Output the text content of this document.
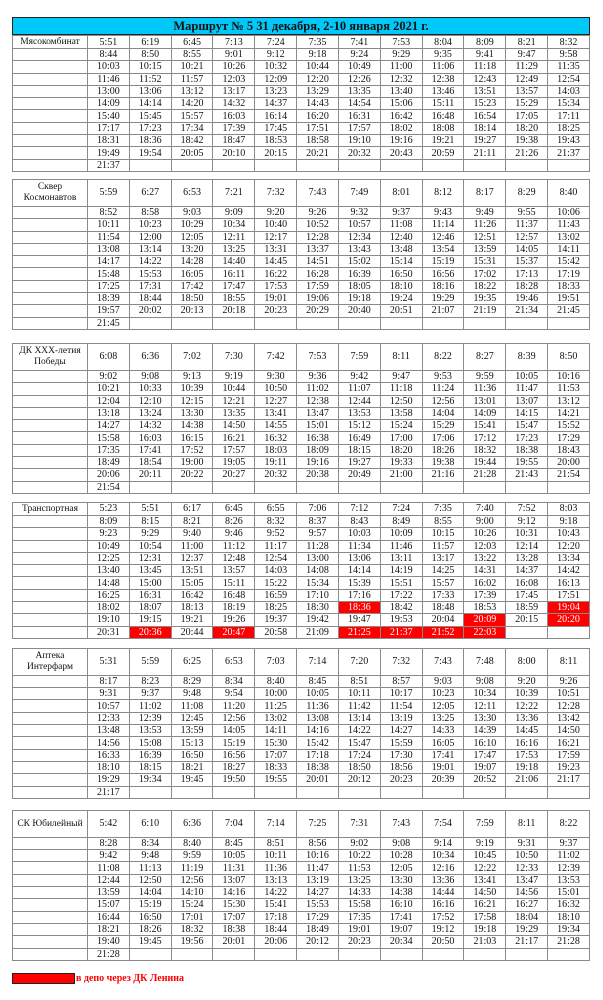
Маршрут № 5 31 декабря, 2-10 января 2021 г.
Мясокомбинат	5:51	6:19	6:45	7:13	7:24	7:35	7:41	7:53	8:04	8:09	8:21	8:32
	8:44	8:50	8:55	9:01	9:12	9:18	9:24	9:29	9:35	9:41	9:47	9:58
	10:03	10:15	10:21	10:26	10:32	10:44	10:49	11:00	11:06	11:18	11:29	11:35
	11:46	11:52	11:57	12:03	12:09	12:20	12:26	12:32	12:38	12:43	12:49	12:54
	13:00	13:06	13:12	13:17	13:23	13:29	13:35	13:40	13:46	13:51	13:57	14:03
	14:09	14:14	14:20	14:32	14:37	14:43	14:54	15:06	15:11	15:23	15:29	15:34
	15:40	15:45	15:57	16:03	16:14	16:20	16:31	16:42	16:48	16:54	17:05	17:11
	17:17	17:23	17:34	17:39	17:45	17:51	17:57	18:02	18:08	18:14	18:20	18:25
	18:31	18:36	18:42	18:47	18:53	18:58	19:10	19:16	19:21	19:27	19:38	19:43
	19:49	19:54	20:05	20:10	20:15	20:21	20:32	20:43	20:59	21:11	21:26	21:37
	21:37											
Сквер Космонавтов	5:59	6:27	6:53	7:21	7:32	7:43	7:49	8:01	8:12	8:17	8:29	8:40
	8:52	8:58	9:03	9:09	9:20	9:26	9:32	9:37	9:43	9:49	9:55	10:06
	10:11	10:23	10:29	10:34	10:40	10:52	10:57	11:08	11:14	11:26	11:37	11:43
	11:54	12:00	12:05	12:11	12:17	12:28	12:34	12:40	12:46	12:51	12:57	13:02
	13:08	13:14	13:20	13:25	13:31	13:37	13:43	13:48	13:54	13:59	14:05	14:11
	14:17	14:22	14:28	14:40	14:45	14:51	15:02	15:14	15:19	15:31	15:37	15:42
	15:48	15:53	16:05	16:11	16:22	16:28	16:39	16:50	16:56	17:02	17:13	17:19
	17:25	17:31	17:42	17:47	17:53	17:59	18:05	18:10	18:16	18:22	18:28	18:33
	18:39	18:44	18:50	18:55	19:01	19:06	19:18	19:24	19:29	19:35	19:46	19:51
	19:57	20:02	20:13	20:18	20:23	20:29	20:40	20:51	21:07	21:19	21:34	21:45
	21:45											
ДК XXX-летия Победы	6:08	6:36	7:02	7:30	7:42	7:53	7:59	8:11	8:22	8:27	8:39	8:50
	9:02	9:08	9:13	9:19	9:30	9:36	9:42	9:47	9:53	9:59	10:05	10:16
	10:21	10:33	10:39	10:44	10:50	11:02	11:07	11:18	11:24	11:36	11:47	11:53
	12:04	12:10	12:15	12:21	12:27	12:38	12:44	12:50	12:56	13:01	13:07	13:12
	13:18	13:24	13:30	13:35	13:41	13:47	13:53	13:58	14:04	14:09	14:15	14:21
	14:27	14:32	14:38	14:50	14:55	15:01	15:12	15:24	15:29	15:41	15:47	15:52
	15:58	16:03	16:15	16:21	16:32	16:38	16:49	17:00	17:06	17:12	17:23	17:29
	17:35	17:41	17:52	17:57	18:03	18:09	18:15	18:20	18:26	18:32	18:38	18:43
	18:49	18:54	19:00	19:05	19:11	19:16	19:27	19:33	19:38	19:44	19:55	20:00
	20:06	20:11	20:22	20:27	20:32	20:38	20:49	21:00	21:16	21:28	21:43	21:54
	21:54											
Транспортная	5:23	5:51	6:17	6:45	6:55	7:06	7:12	7:24	7:35	7:40	7:52	8:03
	8:09	8:15	8:21	8:26	8:32	8:37	8:43	8:49	8:55	9:00	9:12	9:18
	9:23	9:29	9:40	9:46	9:52	9:57	10:03	10:09	10:15	10:26	10:31	10:43
	10:49	10:54	11:00	11:12	11:17	11:28	11:34	11:46	11:57	12:03	12:14	12:20
	12:25	12:31	12:37	12:48	12:54	13:00	13:06	13:11	13:17	13:22	13:28	13:34
	13:40	13:45	13:51	13:57	14:03	14:08	14:14	14:19	14:25	14:31	14:37	14:42
	14:48	15:00	15:05	15:11	15:22	15:34	15:39	15:51	15:57	16:02	16:08	16:13
	16:25	16:31	16:42	16:48	16:59	17:10	17:16	17:22	17:33	17:39	17:45	17:51
	18:02	18:07	18:13	18:19	18:25	18:30	18:36	18:42	18:48	18:53	18:59	19:04
	19:10	19:15	19:21	19:26	19:37	19:42	19:47	19:53	20:04	20:09	20:15	20:20
	20:31	20:36	20:44	20:47	20:58	21:09	21:25	21:37	21:52	22:03		
Аптека Интерфарм	5:31	5:59	6:25	6:53	7:03	7:14	7:20	7:32	7:43	7:48	8:00	8:11
	8:17	8:23	8:29	8:34	8:40	8:45	8:51	8:57	9:03	9:08	9:20	9:26
	9:31	9:37	9:48	9:54	10:00	10:05	10:11	10:17	10:23	10:34	10:39	10:51
	10:57	11:02	11:08	11:20	11:25	11:36	11:42	11:54	12:05	12:11	12:22	12:28
	12:33	12:39	12:45	12:56	13:02	13:08	13:14	13:19	13:25	13:30	13:36	13:42
	13:48	13:53	13:59	14:05	14:11	14:16	14:22	14:27	14:33	14:39	14:45	14:50
	14:56	15:08	15:13	15:19	15:30	15:42	15:47	15:59	16:05	16:10	16:16	16:21
	16:33	16:39	16:50	16:56	17:07	17:18	17:24	17:30	17:41	17:47	17:53	17:59
	18:10	18:15	18:21	18:27	18:33	18:38	18:50	18:56	19:01	19:07	19:18	19:23
	19:29	19:34	19:45	19:50	19:55	20:01	20:12	20:23	20:39	20:52	21:06	21:17
	21:17											
СК Юбилейный	5:42	6:10	6:36	7:04	7:14	7:25	7:31	7:43	7:54	7:59	8:11	8:22
	8:28	8:34	8:40	8:45	8:51	8:56	9:02	9:08	9:14	9:19	9:31	9:37
	9:42	9:48	9:59	10:05	10:11	10:16	10:22	10:28	10:34	10:45	10:50	11:02
	11:08	11:13	11:19	11:31	11:36	11:47	11:53	12:05	12:16	12:22	12:33	12:39
	12:44	12:50	12:56	13:07	13:13	13:19	13:25	13:30	13:36	13:41	13:47	13:53
	13:59	14:04	14:10	14:16	14:22	14:27	14:33	14:38	14:44	14:50	14:56	15:01
	15:07	15:19	15:24	15:30	15:41	15:53	15:58	16:10	16:16	16:21	16:27	16:32
	16:44	16:50	17:01	17:07	17:18	17:29	17:35	17:41	17:52	17:58	18:04	18:10
	18:21	18:26	18:32	18:38	18:44	18:49	19:01	19:07	19:12	19:18	19:29	19:34
	19:40	19:45	19:56	20:01	20:06	20:12	20:23	20:34	20:50	21:03	21:17	21:28
	21:28											
в депо через ДК Ленина
